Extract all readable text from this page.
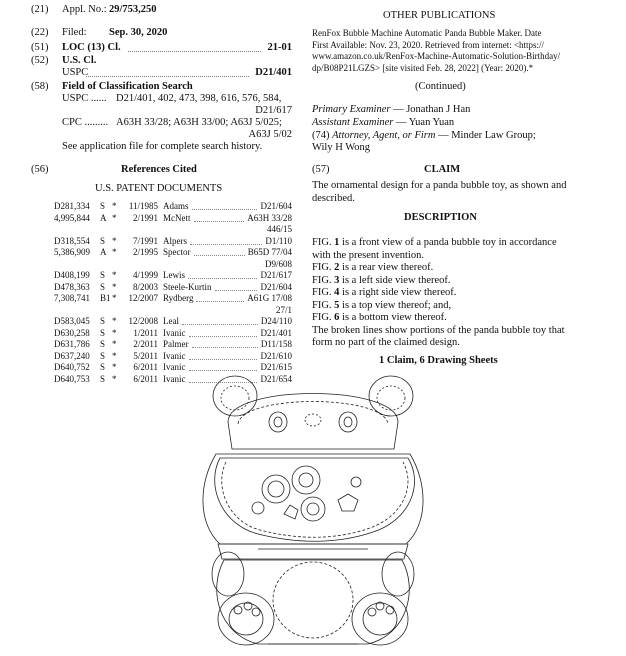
(21) Appl. No.: 29/753,250
(22) Filed: Sep. 30, 2020
(51) LOC (13) Cl.	21-01
(52) U.S. Cl.
USPC	D21/401
(58) Field of Classification Search
USPC ...... D21/401, 402, 473, 398, 616, 576, 584,
D21/617
CPC ......... A63H 33/28; A63H 33/00; A63J 5/025;
A63J 5/02
See application file for complete search history.
(56)	References Cited
U.S. PATENT DOCUMENTS
D281,334 S *	11/1985 Adams	D21/604
4,995,844 A *	2/1991 McNett	A63H 33/28
446/15
D318,554 S *	7/1991 Alpers	D1/110
5,386,909 A *	2/1995 Spector	B65D 77/04
D9/608
D408,199 S *	4/1999 Lewis	D21/617
D478,363 S *	8/2003 Steele-Kurtin	D21/604
7,308,741 B1 *	12/2007 Rydberg	A61G 17/08
27/1
D583,045 S *	12/2008 Leal	D24/110
D630,258 S *	1/2011 Ivanic	D21/401
D631,786 S *	2/2011 Palmer	D11/158
D637,240 S *	5/2011 Ivanic	D21/610
D640,752 S *	6/2011 Ivanic	D21/615
D640,753 S *	6/2011 Ivanic	D21/654
OTHER PUBLICATIONS
RenFox Bubble Machine Automatic Panda Bubble Maker. Date
First Available: Nov. 23, 2020. Retrieved from internet: <https://
www.amazon.co.uk/RenFox-Machine-Automatic-Solution-Birthday/
dp/B08P21LGZS> [site visited Feb. 28, 2022] (Year: 2020).*
(Continued)
Primary Examiner — Jonathan J Han
Assistant Examiner — Yuan Yuan
(74) Attorney, Agent, or Firm — Minder Law Group;
Wily H Wong
(57)	CLAIM
The ornamental design for a panda bubble toy, as shown and described.
DESCRIPTION
FIG. 1 is a front view of a panda bubble toy in accordance with the present invention.
FIG. 2 is a rear view thereof.
FIG. 3 is a left side view thereof.
FIG. 4 is a right side view thereof.
FIG. 5 is a top view thereof; and,
FIG. 6 is a bottom view thereof.
The broken lines show portions of the panda bubble toy that form no part of the claimed design.
1 Claim, 6 Drawing Sheets
